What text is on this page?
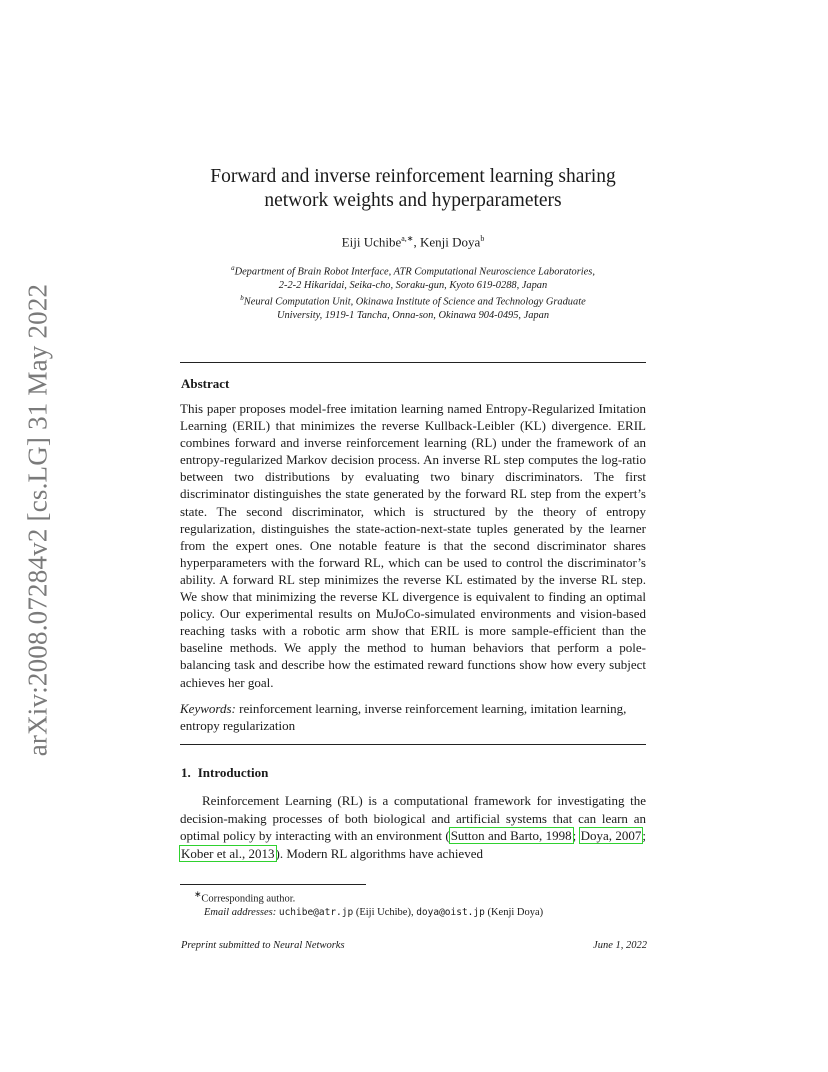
arXiv:2008.07284v2 [cs.LG] 31 May 2022
Forward and inverse reinforcement learning sharing
network weights and hyperparameters
Eiji Uchibe$^{a,∗}$, Kenji Doya$^b$
$^a$Department of Brain Robot Interface, ATR Computational Neuroscience Laboratories,
2-2-2 Hikaridai, Seika-cho, Soraku-gun, Kyoto 619-0288, Japan
$^b$Neural Computation Unit, Okinawa Institute of Science and Technology Graduate
University, 1919-1 Tancha, Onna-son, Okinawa 904-0495, Japan
Abstract
This paper proposes model-free imitation learning named Entropy-Regularized Imitation Learning (ERIL) that minimizes the reverse Kullback-Leibler (KL) divergence. ERIL combines forward and inverse reinforcement learning (RL) under the framework of an entropy-regularized Markov decision process. An inverse RL step computes the log-ratio between two distributions by evaluating two binary discriminators. The first discriminator distinguishes the state generated by the forward RL step from the expert’s state. The second discriminator, which is structured by the theory of entropy regularization, distinguishes the state-action-next-state tuples generated by the learner from the expert ones. One notable feature is that the second discriminator shares hyperparameters with the forward RL, which can be used to control the discriminator’s ability. A forward RL step minimizes the reverse KL estimated by the inverse RL step. We show that minimizing the reverse KL divergence is equivalent to finding an optimal policy. Our experimental results on MuJoCo-simulated environments and vision-based reaching tasks with a robotic arm show that ERIL is more sample-efficient than the baseline methods. We apply the method to human behaviors that perform a pole-balancing task and describe how the estimated reward functions show how every subject achieves her goal.
Keywords: reinforcement learning, inverse reinforcement learning, imitation learning, entropy regularization
1. Introduction
Reinforcement Learning (RL) is a computational framework for investigating the decision-making processes of both biological and artificial systems that can learn an optimal policy by interacting with an environment (Sutton and Barto, 1998; Doya, 2007; Kober et al., 2013). Modern RL algorithms have achieved
∗Corresponding author.
Email addresses: uchibe@atr.jp (Eiji Uchibe), doya@oist.jp (Kenji Doya)
Preprint submitted to Neural Networks	June 1, 2022
